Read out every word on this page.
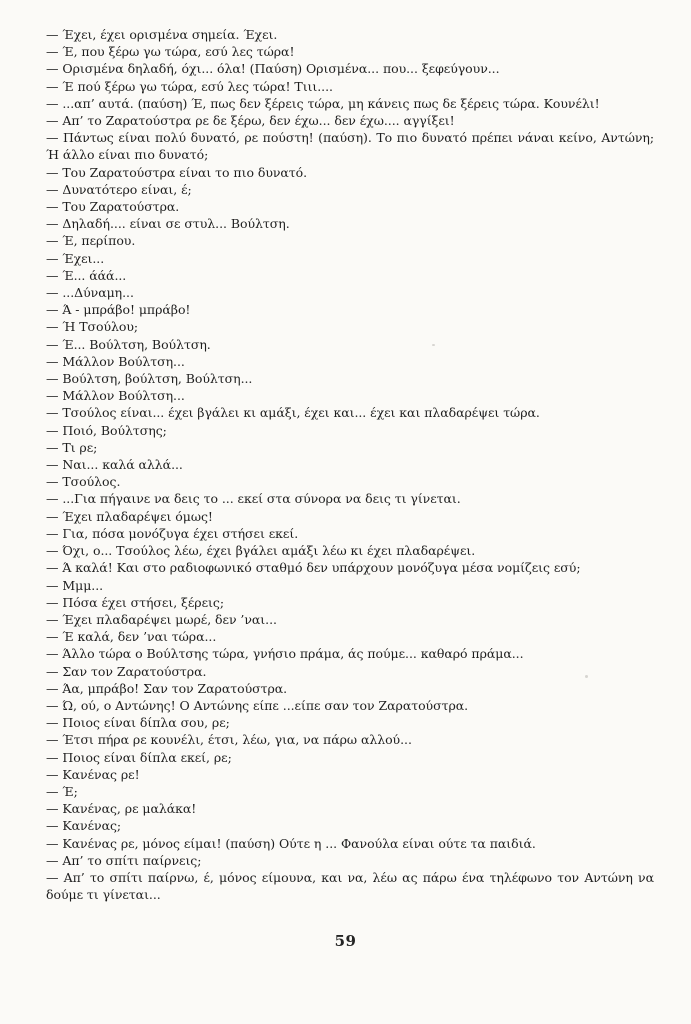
— Έχει, έχει ορισμένα σημεία. Έχει.

— Έ, που ξέρω γω τώρα, εσύ λες τώρα!

— Ορισμένα δηλαδή, όχι... όλα! (Παύση) Ορισμένα... που... ξεφεύγουν...

— Έ πού ξέρω γω τώρα, εσύ λες τώρα! Τιιι....

— ...απ’ αυτά. (παύση) Έ, πως δεν ξέρεις τώρα, μη κάνεις πως δε ξέρεις τώρα. Κουνέλι!

— Απ’ το Ζαρατούστρα ρε δε ξέρω, δεν έχω... δεν έχω.... αγγίξει!

— Πάντως είναι πολύ δυνατό, ρε πούστη! (παύση). Το πιο δυνατό πρέπει νάναι κείνο, Αντώνη; Ή άλλο είναι πιο δυνατό;

— Του Ζαρατούστρα είναι το πιο δυνατό.

— Δυνατότερο είναι, έ;

— Του Ζαρατούστρα.

— Δηλαδή.... είναι σε στυλ... Βούλτση.

— Έ, περίπου.

— Έχει...

— Έ... άάά...

— ...Δύναμη...

— Ά - μπράβο! μπράβο!

— Ή Τσούλου;

— Έ... Βούλτση, Βούλτση.

— Μάλλον Βούλτση...

— Βούλτση, βούλτση, Βούλτση...

— Μάλλον Βούλτση...

— Τσούλος είναι... έχει βγάλει κι αμάξι, έχει και... έχει και πλαδαρέψει τώρα.

— Ποιό, Βούλτσης;

— Τι ρε;

— Ναι... καλά αλλά...

— Τσούλος.

— ...Για πήγαινε να δεις το ... εκεί στα σύνορα να δεις τι γίνεται.

— Έχει πλαδαρέψει όμως!

— Για, πόσα μονόζυγα έχει στήσει εκεί.

— Όχι, ο... Τσούλος λέω, έχει βγάλει αμάξι λέω κι έχει πλαδαρέψει.

— Ά καλά! Και στο ραδιοφωνικό σταθμό δεν υπάρχουν μονόζυγα μέσα νομίζεις εσύ;

— Μμμ...

— Πόσα έχει στήσει, ξέρεις;

— Έχει πλαδαρέψει μωρέ, δεν ’ναι...

— Έ καλά, δεν ’ναι τώρα...

— Άλλο τώρα ο Βούλτσης τώρα, γνήσιο πράμα, άς πούμε... καθαρό πράμα...

— Σαν τον Ζαρατούστρα.

— Άα, μπράβο! Σαν τον Ζαρατούστρα.

— Ώ, ού, ο Αντώνης! Ο Αντώνης είπε ...είπε σαν τον Ζαρατούστρα.

— Ποιος είναι δίπλα σου, ρε;

— Έτσι πήρα ρε κουνέλι, έτσι, λέω, για, να πάρω αλλού...

— Ποιος είναι δίπλα εκεί, ρε;

— Κανένας ρε!

— Έ;

— Κανένας, ρε μαλάκα!

— Κανένας;

— Κανένας ρε, μόνος είμαι! (παύση) Ούτε η ... Φανούλα είναι ούτε τα παιδιά.

— Απ’ το σπίτι παίρνεις;

— Απ’ το σπίτι παίρνω, έ, μόνος είμουνα, και να, λέω ας πάρω ένα τηλέφωνο τον Αντώνη να δούμε τι γίνεται...

59
